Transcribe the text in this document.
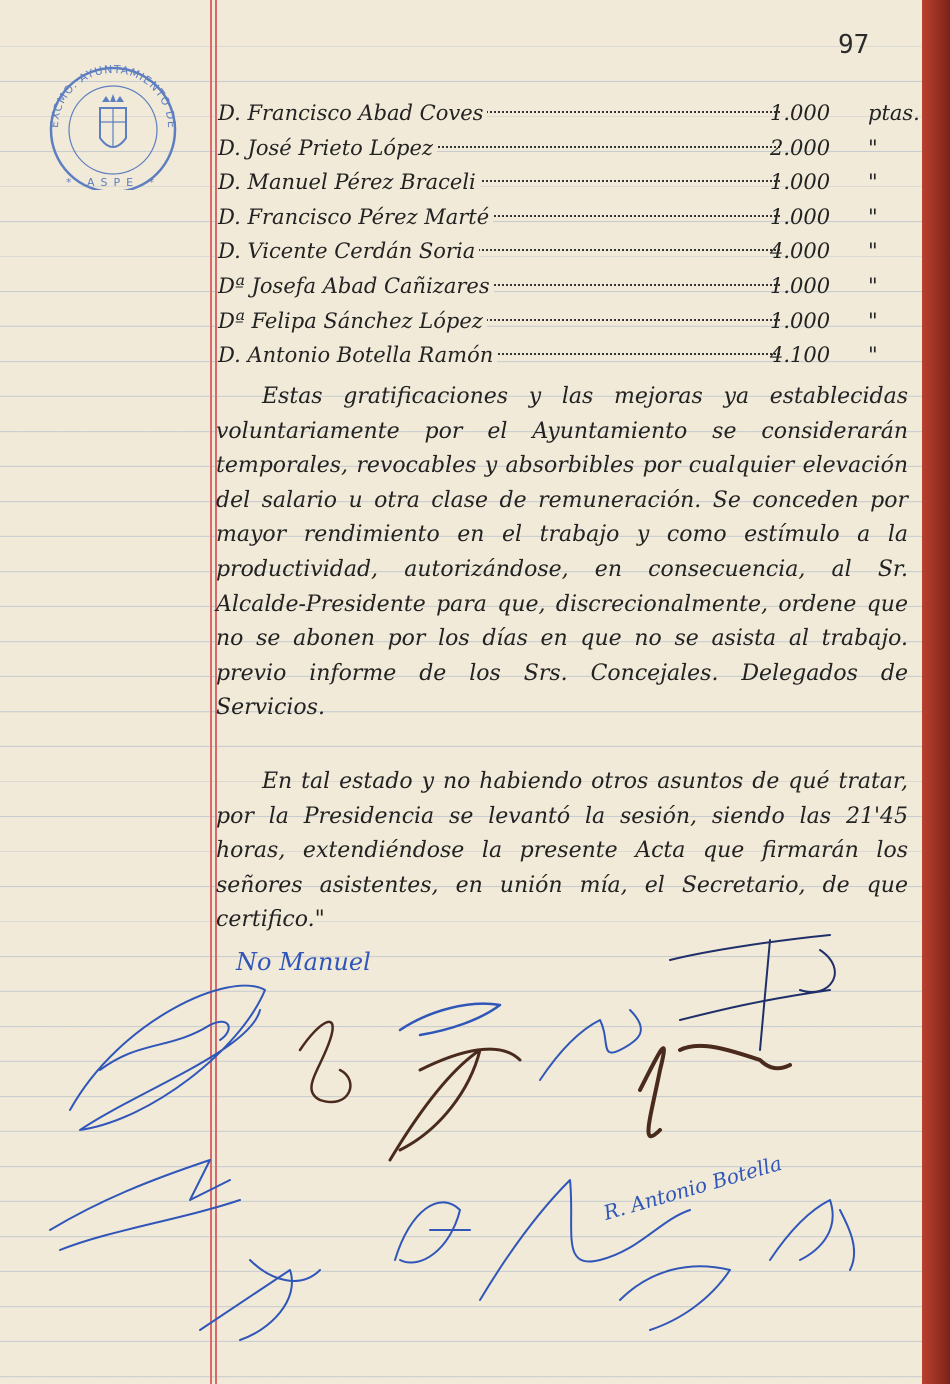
97
EXCMO. AYUNTAMIENTO DE
* ASPE *
D. Francisco Abad Coves	1.000	ptas.
D. José Prieto López	2.000	"
D. Manuel Pérez Braceli	1.000	"
D. Francisco Pérez Marté	1.000	"
D. Vicente Cerdán Soria	4.000	"
Dª Josefa Abad Cañizares	1.000	"
Dª Felipa Sánchez López	1.000	"
D. Antonio Botella Ramón	4.100	"

Estas gratificaciones y las mejoras ya establecidas voluntariamente por el Ayuntamiento se considerarán temporales, revocables y absorbibles por cualquier elevación del salario u otra clase de remuneración. Se conceden por mayor rendimiento en el trabajo y como estímulo a la productividad, autorizándose, en consecuencia, al Sr. Alcalde-Presidente para que, discrecionalmente, ordene que no se abonen por los días en que no se asista al trabajo. previo informe de los Srs. Concejales. Delegados de Servicios.

En tal estado y no habiendo otros asuntos de qué tratar, por la Presidencia se levantó la sesión, siendo las 21'45 horas, extendiéndose la presente Acta que firmarán los señores asistentes, en unión mía, el Secretario, de que certifico."

No Manuel
R. Antonio Botella
